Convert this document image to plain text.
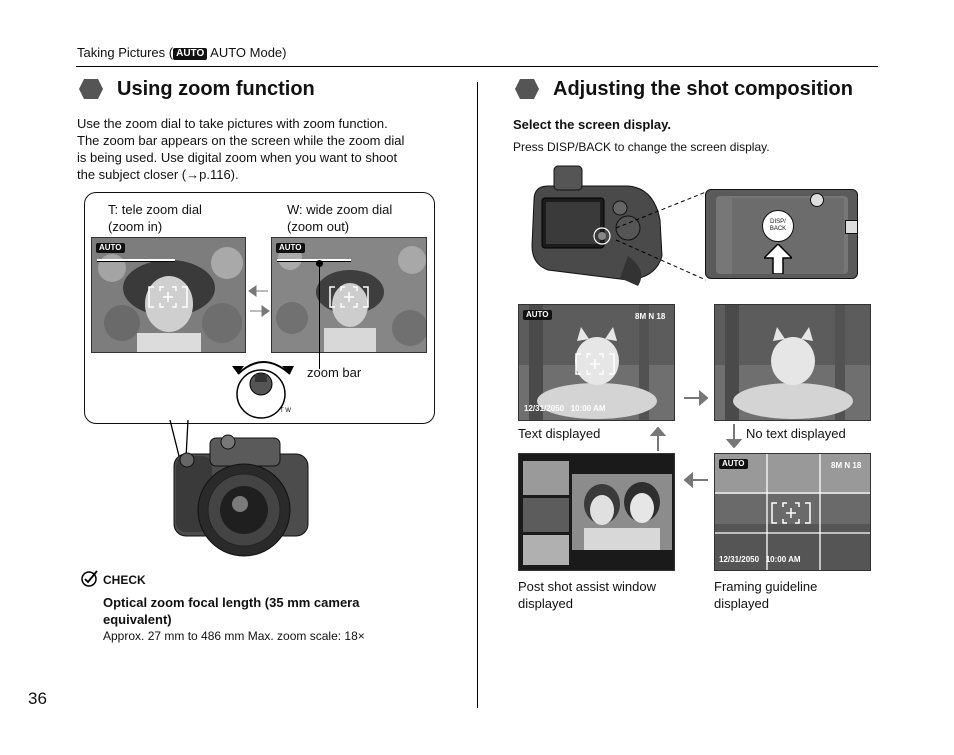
Taking Pictures ( AUTO AUTO Mode)
Using zoom function
Use the zoom dial to take pictures with zoom function.
The zoom bar appears on the screen while the zoom dial
is being used. Use digital zoom when you want to shoot
the subject closer (→p.116).
T: tele zoom dial
(zoom in)
W: wide zoom dial
(zoom out)
AUTO	AUTO
zoom bar
T W
CHECK
Optical zoom focal length (35 mm camera
equivalent)
Approx. 27 mm to 486 mm Max. zoom scale: 18×
Adjusting the shot composition
Select the screen display.
Press DISP/BACK to change the screen display.
DISP/
BACK
AUTO	8M N 18
12/31/2050 10:00 AM
Text displayed	No text displayed
AUTO	8M N 18
12/31/2050 10:00 AM
Post shot assist window
displayed
Framing guideline
displayed
36
